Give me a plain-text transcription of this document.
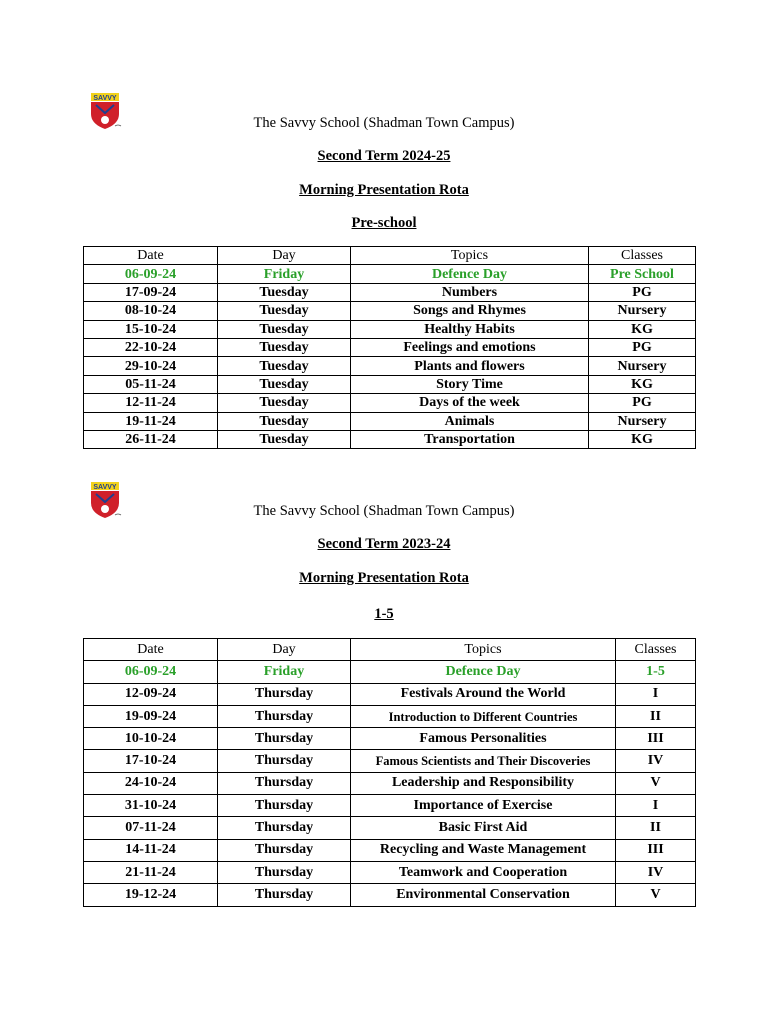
SAVVY
The Savvy School (Shadman Town Campus)
Second Term 2024-25
Morning Presentation Rota
Pre-school
Date	Day	Topics	Classes
06-09-24	Friday	Defence Day	Pre School
17-09-24	Tuesday	Numbers	PG
08-10-24	Tuesday	Songs and Rhymes	Nursery
15-10-24	Tuesday	Healthy Habits	KG
22-10-24	Tuesday	Feelings and emotions	PG
29-10-24	Tuesday	Plants and flowers	Nursery
05-11-24	Tuesday	Story Time	KG
12-11-24	Tuesday	Days of the week	PG
19-11-24	Tuesday	Animals	Nursery
26-11-24	Tuesday	Transportation	KG
SAVVY
The Savvy School (Shadman Town Campus)
Second Term 2023-24
Morning Presentation Rota
1-5
Date	Day	Topics	Classes
06-09-24	Friday	Defence Day	1-5
12-09-24	Thursday	Festivals Around the World	I
19-09-24	Thursday	Introduction to Different Countries	II
10-10-24	Thursday	Famous Personalities	III
17-10-24	Thursday	Famous Scientists and Their Discoveries	IV
24-10-24	Thursday	Leadership and Responsibility	V
31-10-24	Thursday	Importance of Exercise	I
07-11-24	Thursday	Basic First Aid	II
14-11-24	Thursday	Recycling and Waste Management	III
21-11-24	Thursday	Teamwork and Cooperation	IV
19-12-24	Thursday	Environmental Conservation	V
